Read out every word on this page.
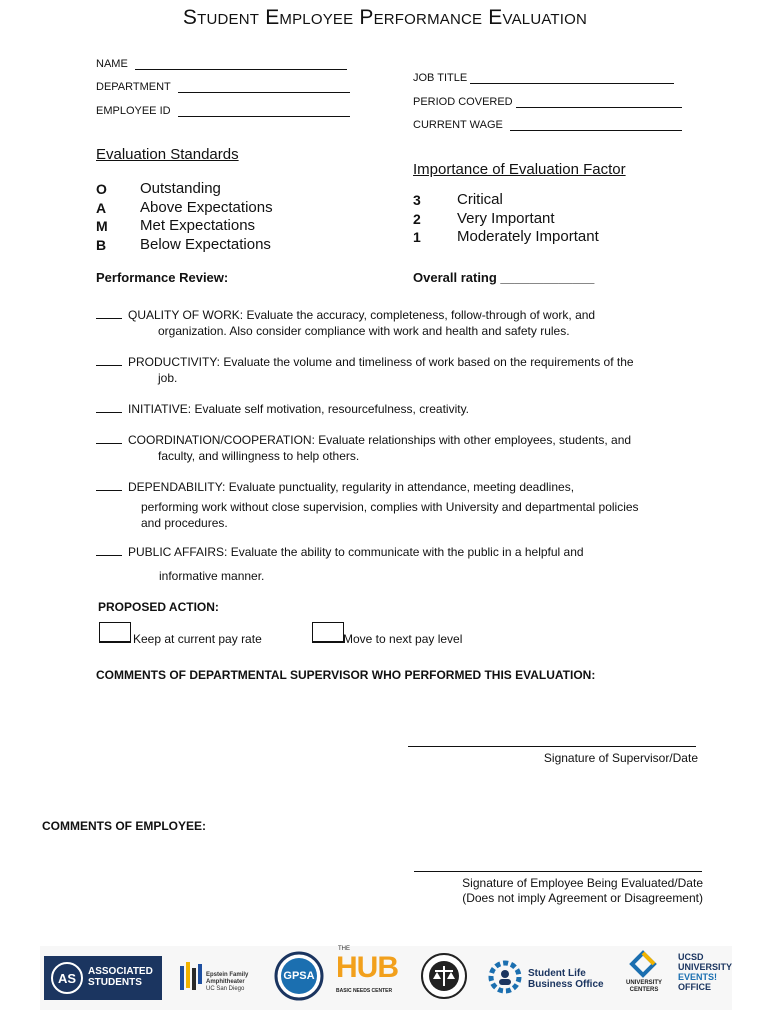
Student Employee Performance Evaluation
NAME
DEPARTMENT
EMPLOYEE ID
JOB TITLE
PERIOD COVERED
CURRENT WAGE
Evaluation Standards
O	Outstanding
A	Above Expectations
M	Met Expectations
B	Below Expectations
Importance of Evaluation Factor
3	Critical
2	Very Important
1	Moderately Important
Performance Review:	Overall rating _____________
QUALITY OF WORK: Evaluate the accuracy, completeness, follow-through of work, and
organization. Also consider compliance with work and health and safety rules.
PRODUCTIVITY: Evaluate the volume and timeliness of work based on the requirements of the
job.
INITIATIVE: Evaluate self motivation, resourcefulness, creativity.
COORDINATION/COOPERATION: Evaluate relationships with other employees, students, and
faculty, and willingness to help others.
DEPENDABILITY: Evaluate punctuality, regularity in attendance, meeting deadlines,
performing work without close supervision, complies with University and departmental policies
and procedures.
PUBLIC AFFAIRS: Evaluate the ability to communicate with the public in a helpful and
informative manner.
PROPOSED ACTION:
Keep at current pay rate	Move to next pay level
COMMENTS OF DEPARTMENTAL SUPERVISOR WHO PERFORMED THIS EVALUATION:
Signature of Supervisor/Date
COMMENTS OF EMPLOYEE:
Signature of Employee Being Evaluated/Date
(Does not imply Agreement or Disagreement)
AS ASSOCIATED
STUDENTS
Epstein Family
Amphitheater
UC San Diego
GPSA
THE
HUB
BASIC NEEDS CENTER
Student Life
Business Office	UNIVERSITY
CENTERS
UCSD
UNIVERSITY
EVENTS!
OFFICE
